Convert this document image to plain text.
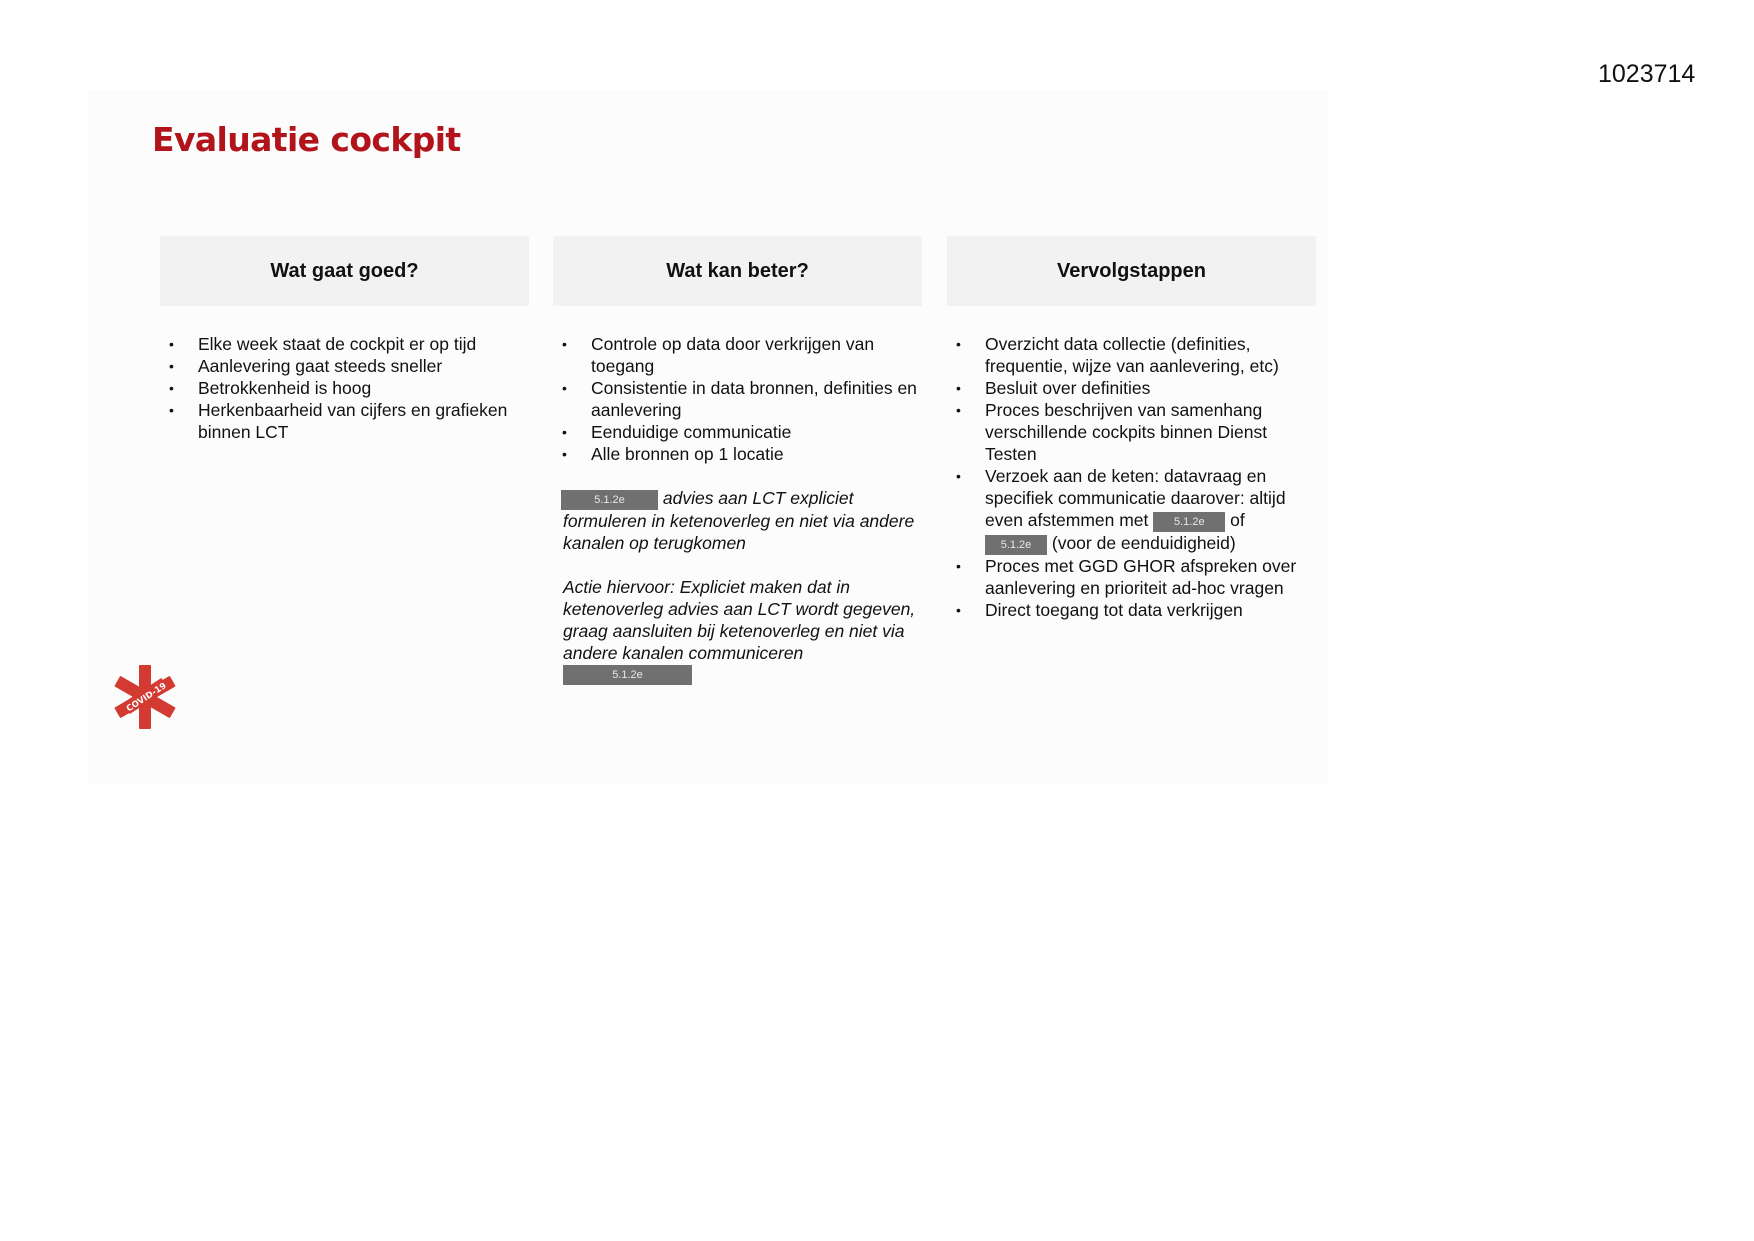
1023714
Evaluatie cockpit
Wat gaat goed?
• Elke week staat de cockpit er op tijd
• Aanlevering gaat steeds sneller
• Betrokkenheid is hoog
• Herkenbaarheid van cijfers en grafieken binnen LCT
Wat kan beter?
• Controle op data door verkrijgen van toegang
• Consistentie in data bronnen, definities en aanlevering
• Eenduidige communicatie
• Alle bronnen op 1 locatie

5.1.2e advies aan LCT expliciet formuleren in ketenoverleg en niet via andere kanalen op terugkomen

Actie hiervoor: Expliciet maken dat in ketenoverleg advies aan LCT wordt gegeven, graag aansluiten bij ketenoverleg en niet via andere kanalen communiceren
5.1.2e

Vervolgstappen
• Overzicht data collectie (definities, frequentie, wijze van aanlevering, etc)
• Besluit over definities
• Proces beschrijven van samenhang verschillende cockpits binnen Dienst Testen
• Verzoek aan de keten: datavraag en specifiek communicatie daarover: altijd even afstemmen met 5.1.2e of
5.1.2e (voor de eenduidigheid)
• Proces met GGD GHOR afspreken over aanlevering en prioriteit ad-hoc vragen
• Direct toegang tot data verkrijgen
COVID-19
